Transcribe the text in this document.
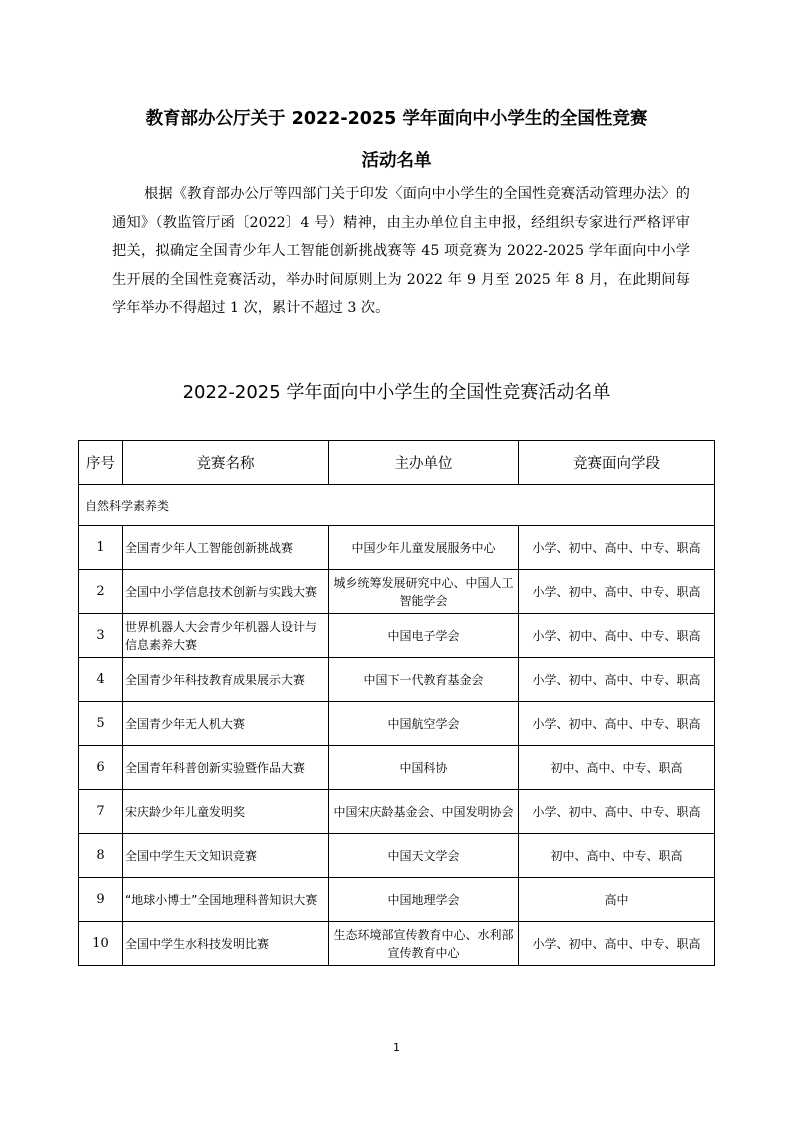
教育部办公厅关于 2022-2025 学年面向中小学生的全国性竞赛
活动名单
根据《教育部办公厅等四部门关于印发〈面向中小学生的全国性竞赛活动管理办法〉的通知》（教监管厅函〔2022〕4 号）精神，由主办单位自主申报，经组织专家进行严格评审把关，拟确定全国青少年人工智能创新挑战赛等 45 项竞赛为 2022-2025 学年面向中小学生开展的全国性竞赛活动，举办时间原则上为 2022 年 9 月至 2025 年 8 月，在此期间每学年举办不得超过 1 次，累计不超过 3 次。
2022-2025 学年面向中小学生的全国性竞赛活动名单
序号	竞赛名称	主办单位	竞赛面向学段
自然科学素养类			
1	全国青少年人工智能创新挑战赛	中国少年儿童发展服务中心	小学、初中、高中、中专、职高
2	全国中小学信息技术创新与实践大赛	城乡统筹发展研究中心、中国人工智能学会	小学、初中、高中、中专、职高
3	世界机器人大会青少年机器人设计与信息素养大赛	中国电子学会	小学、初中、高中、中专、职高
4	全国青少年科技教育成果展示大赛	中国下一代教育基金会	小学、初中、高中、中专、职高
5	全国青少年无人机大赛	中国航空学会	小学、初中、高中、中专、职高
6	全国青年科普创新实验暨作品大赛	中国科协	初中、高中、中专、职高
7	宋庆龄少年儿童发明奖	中国宋庆龄基金会、中国发明协会	小学、初中、高中、中专、职高
8	全国中学生天文知识竞赛	中国天文学会	初中、高中、中专、职高
9	“地球小博士”全国地理科普知识大赛	中国地理学会	高中
10	全国中学生水科技发明比赛	生态环境部宣传教育中心、水利部宣传教育中心	小学、初中、高中、中专、职高
1
